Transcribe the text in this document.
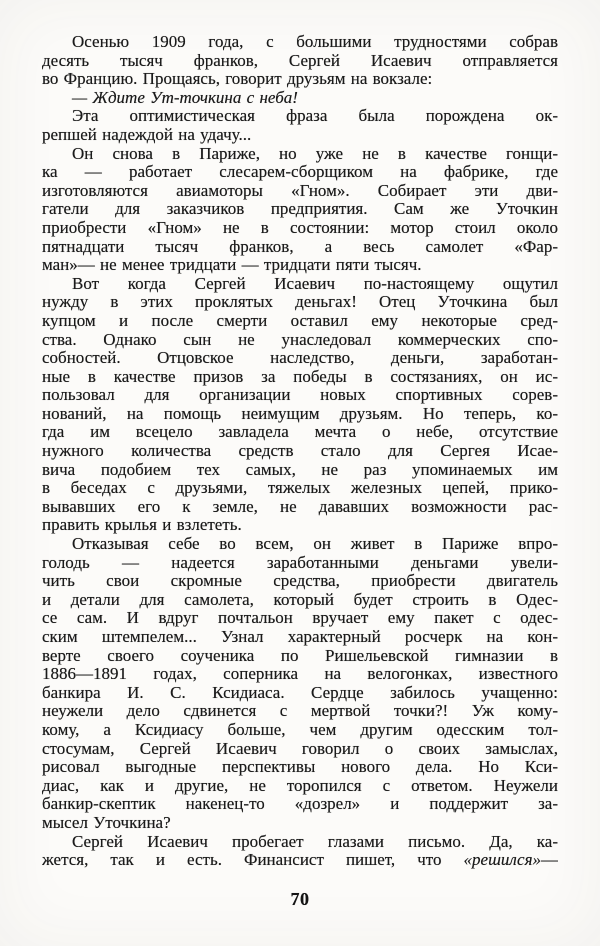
Осенью 1909 года, с большими трудностями собрав
десять тысяч франков, Сергей Исаевич отправляется
во Францию. Прощаясь, говорит друзьям на вокзале:
— Ждите Ут-точкина с неба!
Эта оптимистическая фраза была порождена ок-
репшей надеждой на удачу...
Он снова в Париже, но уже не в качестве гонщи-
ка — работает слесарем-сборщиком на фабрике, где
изготовляются авиамоторы «Гном». Собирает эти дви-
гатели для заказчиков предприятия. Сам же Уточкин
приобрести «Гном» не в состоянии: мотор стоил около
пятнадцати тысяч франков, а весь самолет «Фар-
ман»— не менее тридцати — тридцати пяти тысяч.
Вот когда Сергей Исаевич по-настоящему ощутил
нужду в этих проклятых деньгах! Отец Уточкина был
купцом и после смерти оставил ему некоторые сред-
ства. Однако сын не унаследовал коммерческих спо-
собностей. Отцовское наследство, деньги, заработан-
ные в качестве призов за победы в состязаниях, он ис-
пользовал для организации новых спортивных сорев-
нований, на помощь неимущим друзьям. Но теперь, ко-
гда им всецело завладела мечта о небе, отсутствие
нужного количества средств стало для Сергея Исае-
вича подобием тех самых, не раз упоминаемых им
в беседах с друзьями, тяжелых железных цепей, прико-
вывавших его к земле, не дававших возможности рас-
править крылья и взлететь.
Отказывая себе во всем, он живет в Париже впро-
голодь — надеется заработанными деньгами увели-
чить свои скромные средства, приобрести двигатель
и детали для самолета, который будет строить в Одес-
се сам. И вдруг почтальон вручает ему пакет с одес-
ским штемпелем... Узнал характерный росчерк на кон-
верте своего соученика по Ришельевской гимназии в
1886—1891 годах, соперника на велогонках, известного
банкира И. С. Ксидиаса. Сердце забилось учащенно:
неужели дело сдвинется с мертвой точки?! Уж кому-
кому, а Ксидиасу больше, чем другим одесским тол-
стосумам, Сергей Исаевич говорил о своих замыслах,
рисовал выгодные перспективы нового дела. Но Кси-
диас, как и другие, не торопился с ответом. Неужели
банкир-скептик накенец-то «дозрел» и поддержит за-
мысел Уточкина?
Сергей Исаевич пробегает глазами письмо. Да, ка-
жется, так и есть. Финансист пишет, что «решился»—
70
